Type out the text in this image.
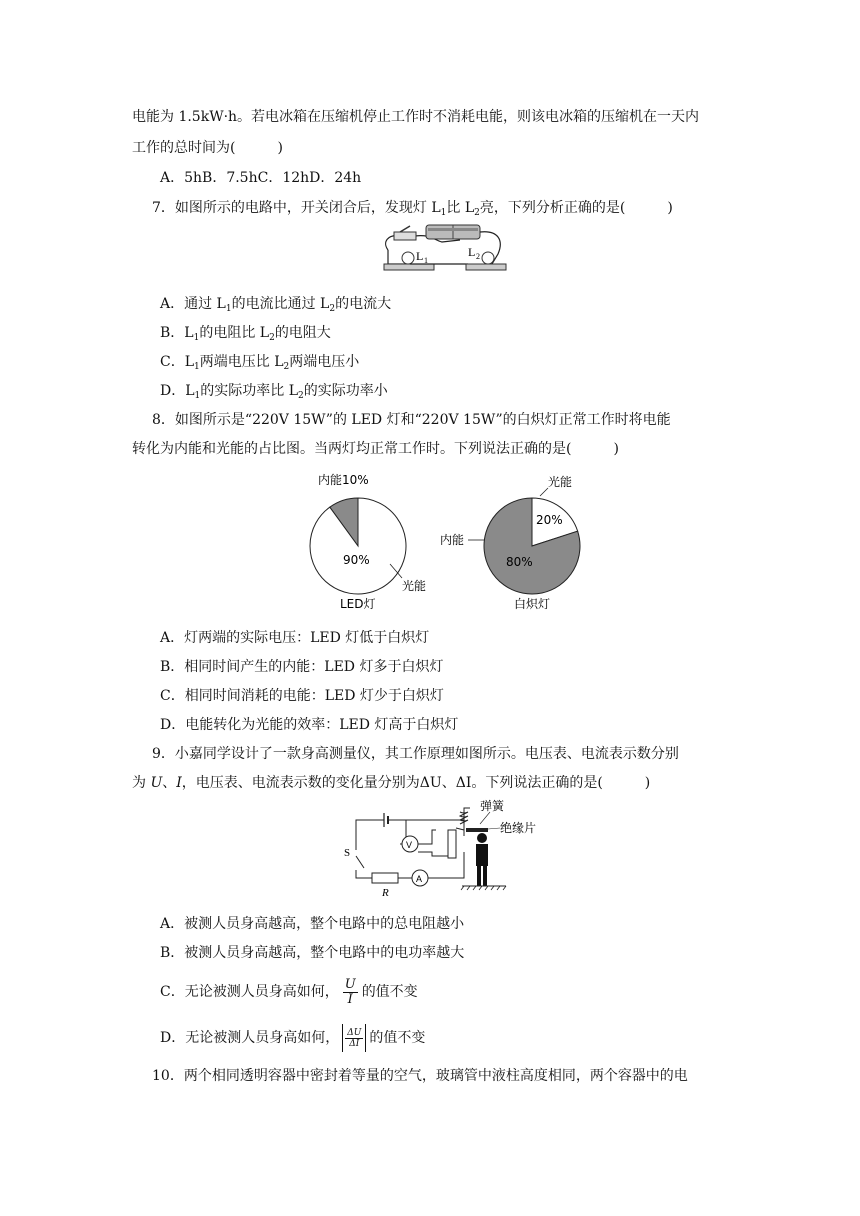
电能为 1.5kW·h。若电冰箱在压缩机停止工作时不消耗电能，则该电冰箱的压缩机在一天内
工作的总时间为(　　　)
A．5hB．7.5hC．12hD．24h
7．如图所示的电路中，开关闭合后，发现灯 $L_1$比 $L_2$亮，下列分析正确的是(　　　)
L 1
L 2
A．通过 $L_1$的电流比通过 $L_2$的电流大
B．$L_1$的电阻比 $L_2$的电阻大
C．$L_1$两端电压比 $L_2$两端电压小
D．$L_1$的实际功率比 $L_2$的实际功率小
8．如图所示是“220V 15W”的 LED 灯和“220V 15W”的白炽灯正常工作时将电能
转化为内能和光能的占比图。当两灯均正常工作时。下列说法正确的是(　　　)
内能10%
90%
光能
LED灯
光能
20%
内能
80%
白炽灯
A．灯两端的实际电压：LED 灯低于白炽灯
B．相同时间产生的内能：LED 灯多于白炽灯
C．相同时间消耗的电能：LED 灯少于白炽灯
D．电能转化为光能的效率：LED 灯高于白炽灯
9．小嘉同学设计了一款身高测量仪，其工作原理如图所示。电压表、电流表示数分别
为 U、I，电压表、电流表示数的变化量分别为ΔU、ΔI。下列说法正确的是(　　　)
弹簧
绝缘片
S
R
V
A
A．被测人员身高越高，整个电路中的总电阻越小
B．被测人员身高越高，整个电路中的电功率越大
C．无论被测人员身高如何， $\frac{U}{I}$ 的值不变
D．无论被测人员身高如何， $\frac{\Delta U}{\Delta I}$ 的值不变
10．两个相同透明容器中密封着等量的空气，玻璃管中液柱高度相同，两个容器中的电
